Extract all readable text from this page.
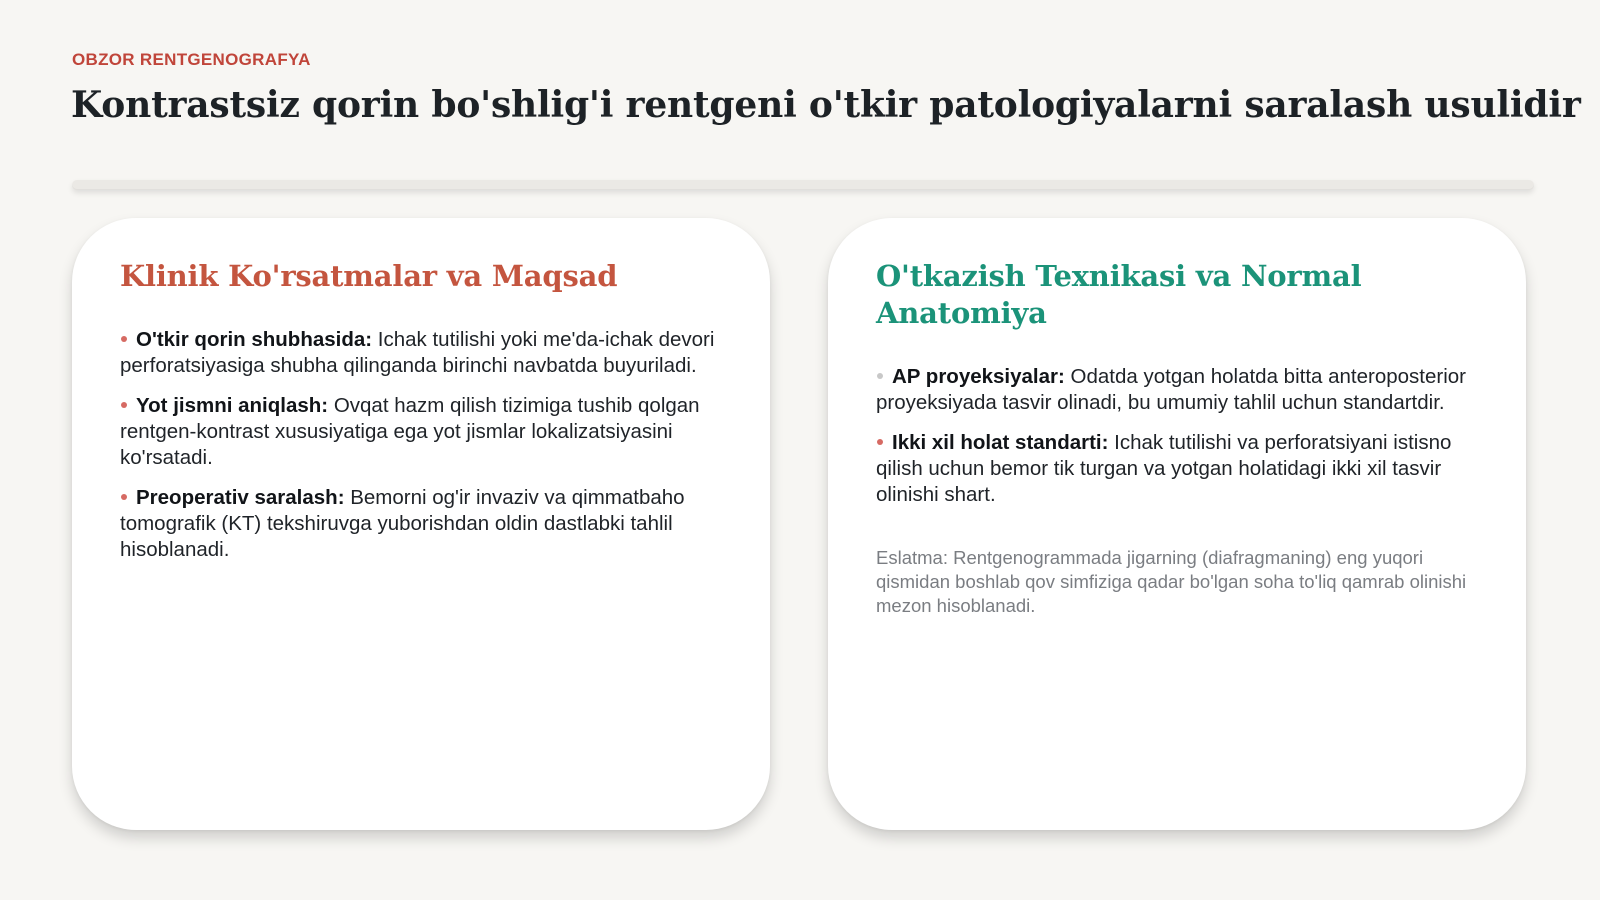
OBZOR RENTGENOGRAFYA
Kontrastsiz qorin bo'shlig'i rentgeni o'tkir patologiyalarni saralash usulidir
Klinik Ko'rsatmalar va Maqsad
O'tkir qorin shubhasida: Ichak tutilishi yoki me'da-ichak devori perforatsiyasiga shubha qilinganda birinchi navbatda buyuriladi.
Yot jismni aniqlash: Ovqat hazm qilish tizimiga tushib qolgan rentgen-kontrast xususiyatiga ega yot jismlar lokalizatsiyasini ko'rsatadi.
Preoperativ saralash: Bemorni og'ir invaziv va qimmatbaho tomografik (KT) tekshiruvga yuborishdan oldin dastlabki tahlil hisoblanadi.
O'tkazish Texnikasi va Normal Anatomiya
AP proyeksiyalar: Odatda yotgan holatda bitta anteroposterior proyeksiyada tasvir olinadi, bu umumiy tahlil uchun standartdir.
Ikki xil holat standarti: Ichak tutilishi va perforatsiyani istisno qilish uchun bemor tik turgan va yotgan holatidagi ikki xil tasvir olinishi shart.

Eslatma: Rentgenogrammada jigarning (diafragmaning) eng yuqori qismidan boshlab qov simfiziga qadar bo'lgan soha to'liq qamrab olinishi mezon hisoblanadi.
